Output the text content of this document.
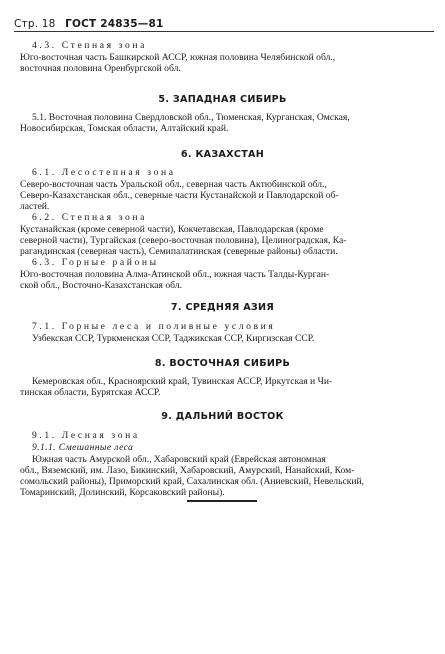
Стр. 18 ГОСТ 24835—81
4.3. Степная зона
Юго-восточная часть Башкирской АССР, южная половина Челябинской обл.,
восточная половина Оренбургской обл.
5. ЗАПАДНАЯ СИБИРЬ
5.1. Восточная половина Свердловской обл., Тюменская, Курганская, Омская,
Новосибирская, Томская области, Алтайский край.
6. КАЗАХСТАН
6.1. Лесостепная зона
Северо-восточная часть Уральской обл., северная часть Актюбинской обл.,
Северо-Казахстанская обл., северные части Кустанайской и Павлодарской об-
ластей.
6.2. Степная зона
Кустанайская (кроме северной части), Кокчетавская, Павлодарская (кроме
северной части), Тургайская (северо-восточная половина), Целиноградская, Ка-
рагандинская (северная часть), Семипалатинская (северные районы) области.
6.3. Горные районы
Юго-восточная половина Алма-Атинской обл., южная часть Талды-Курган-
ской обл., Восточно-Казахстанская обл.
7. СРЕДНЯЯ АЗИЯ
7.1. Горные леса и поливные условия
Узбекская ССР, Туркменская ССР, Таджикская ССР, Киргизская ССР.
8. ВОСТОЧНАЯ СИБИРЬ
Кемеровская обл., Красноярский край, Тувинская АССР, Иркутская и Чи-
тинская области, Бурятская АССР.
9. ДАЛЬНИЙ ВОСТОК
9.1. Лесная зона
9.1.1. Смешанные леса
Южная часть Амурской обл., Хабаровский край (Еврейская автономная
обл., Вяземский, им. Лазо, Бикинский, Хабаровский, Амурский, Нанайский, Ком-
сомольский районы), Приморский край, Сахалинская обл. (Аниевский, Невельский,
Томаринский, Долинский, Корсаковский районы).
